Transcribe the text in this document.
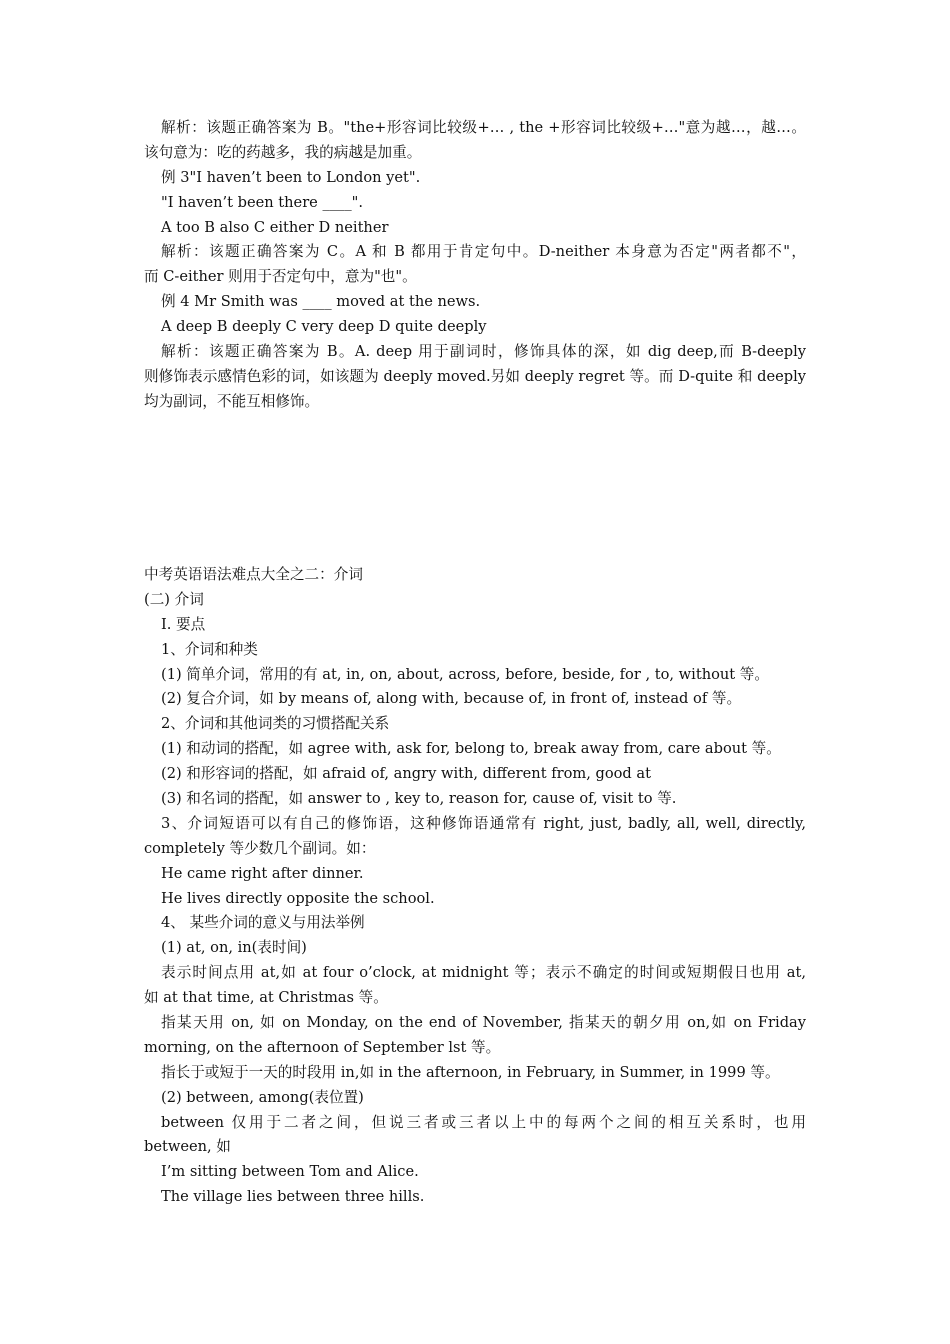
解析：该题正确答案为 B。"the+形容词比较级+… , the +形容词比较级+…"意为越…，越…。
该句意为：吃的药越多，我的病越是加重。
例 3"I haven’t been to London yet".
"I haven’t been there ____".
A too B also C either D neither
解析：该题正确答案为 C。A 和 B 都用于肯定句中。D-neither 本身意为否定"两者都不"，
而 C-either 则用于否定句中，意为"也"。
例 4 Mr Smith was ____ moved at the news.
A deep B deeply C very deep D quite deeply
解析：该题正确答案为 B。A. deep 用于副词时，修饰具体的深，如 dig deep,而 B-deeply
则修饰表示感情色彩的词，如该题为 deeply moved.另如 deeply regret 等。而 D-quite 和 deeply
均为副词，不能互相修饰。
中考英语语法难点大全之二：介词
(二) 介词
I. 要点
1、介词和种类
(1) 简单介词，常用的有 at, in, on, about, across, before, beside, for , to, without 等。
(2) 复合介词，如 by means of, along with, because of, in front of, instead of 等。
2、介词和其他词类的习惯搭配关系
(1) 和动词的搭配，如 agree with, ask for, belong to, break away from, care about 等。
(2) 和形容词的搭配，如 afraid of, angry with, different from, good at
(3) 和名词的搭配，如 answer to , key to, reason for, cause of, visit to 等.
3、介词短语可以有自己的修饰语，这种修饰语通常有 right, just, badly, all, well, directly,
completely 等少数几个副词。如：
He came right after dinner.
He lives directly opposite the school.
4、 某些介词的意义与用法举例
(1) at, on, in(表时间)
表示时间点用 at,如 at four o’clock, at midnight 等；表示不确定的时间或短期假日也用 at,
如 at that time, at Christmas 等。
指某天用 on, 如 on Monday, on the end of November, 指某天的朝夕用 on,如 on Friday
morning, on the afternoon of September lst 等。
指长于或短于一天的时段用 in,如 in the afternoon, in February, in Summer, in 1999 等。
(2) between, among(表位置)
between 仅用于二者之间，但说三者或三者以上中的每两个之间的相互关系时，也用
between, 如
I’m sitting between Tom and Alice.
The village lies between three hills.
